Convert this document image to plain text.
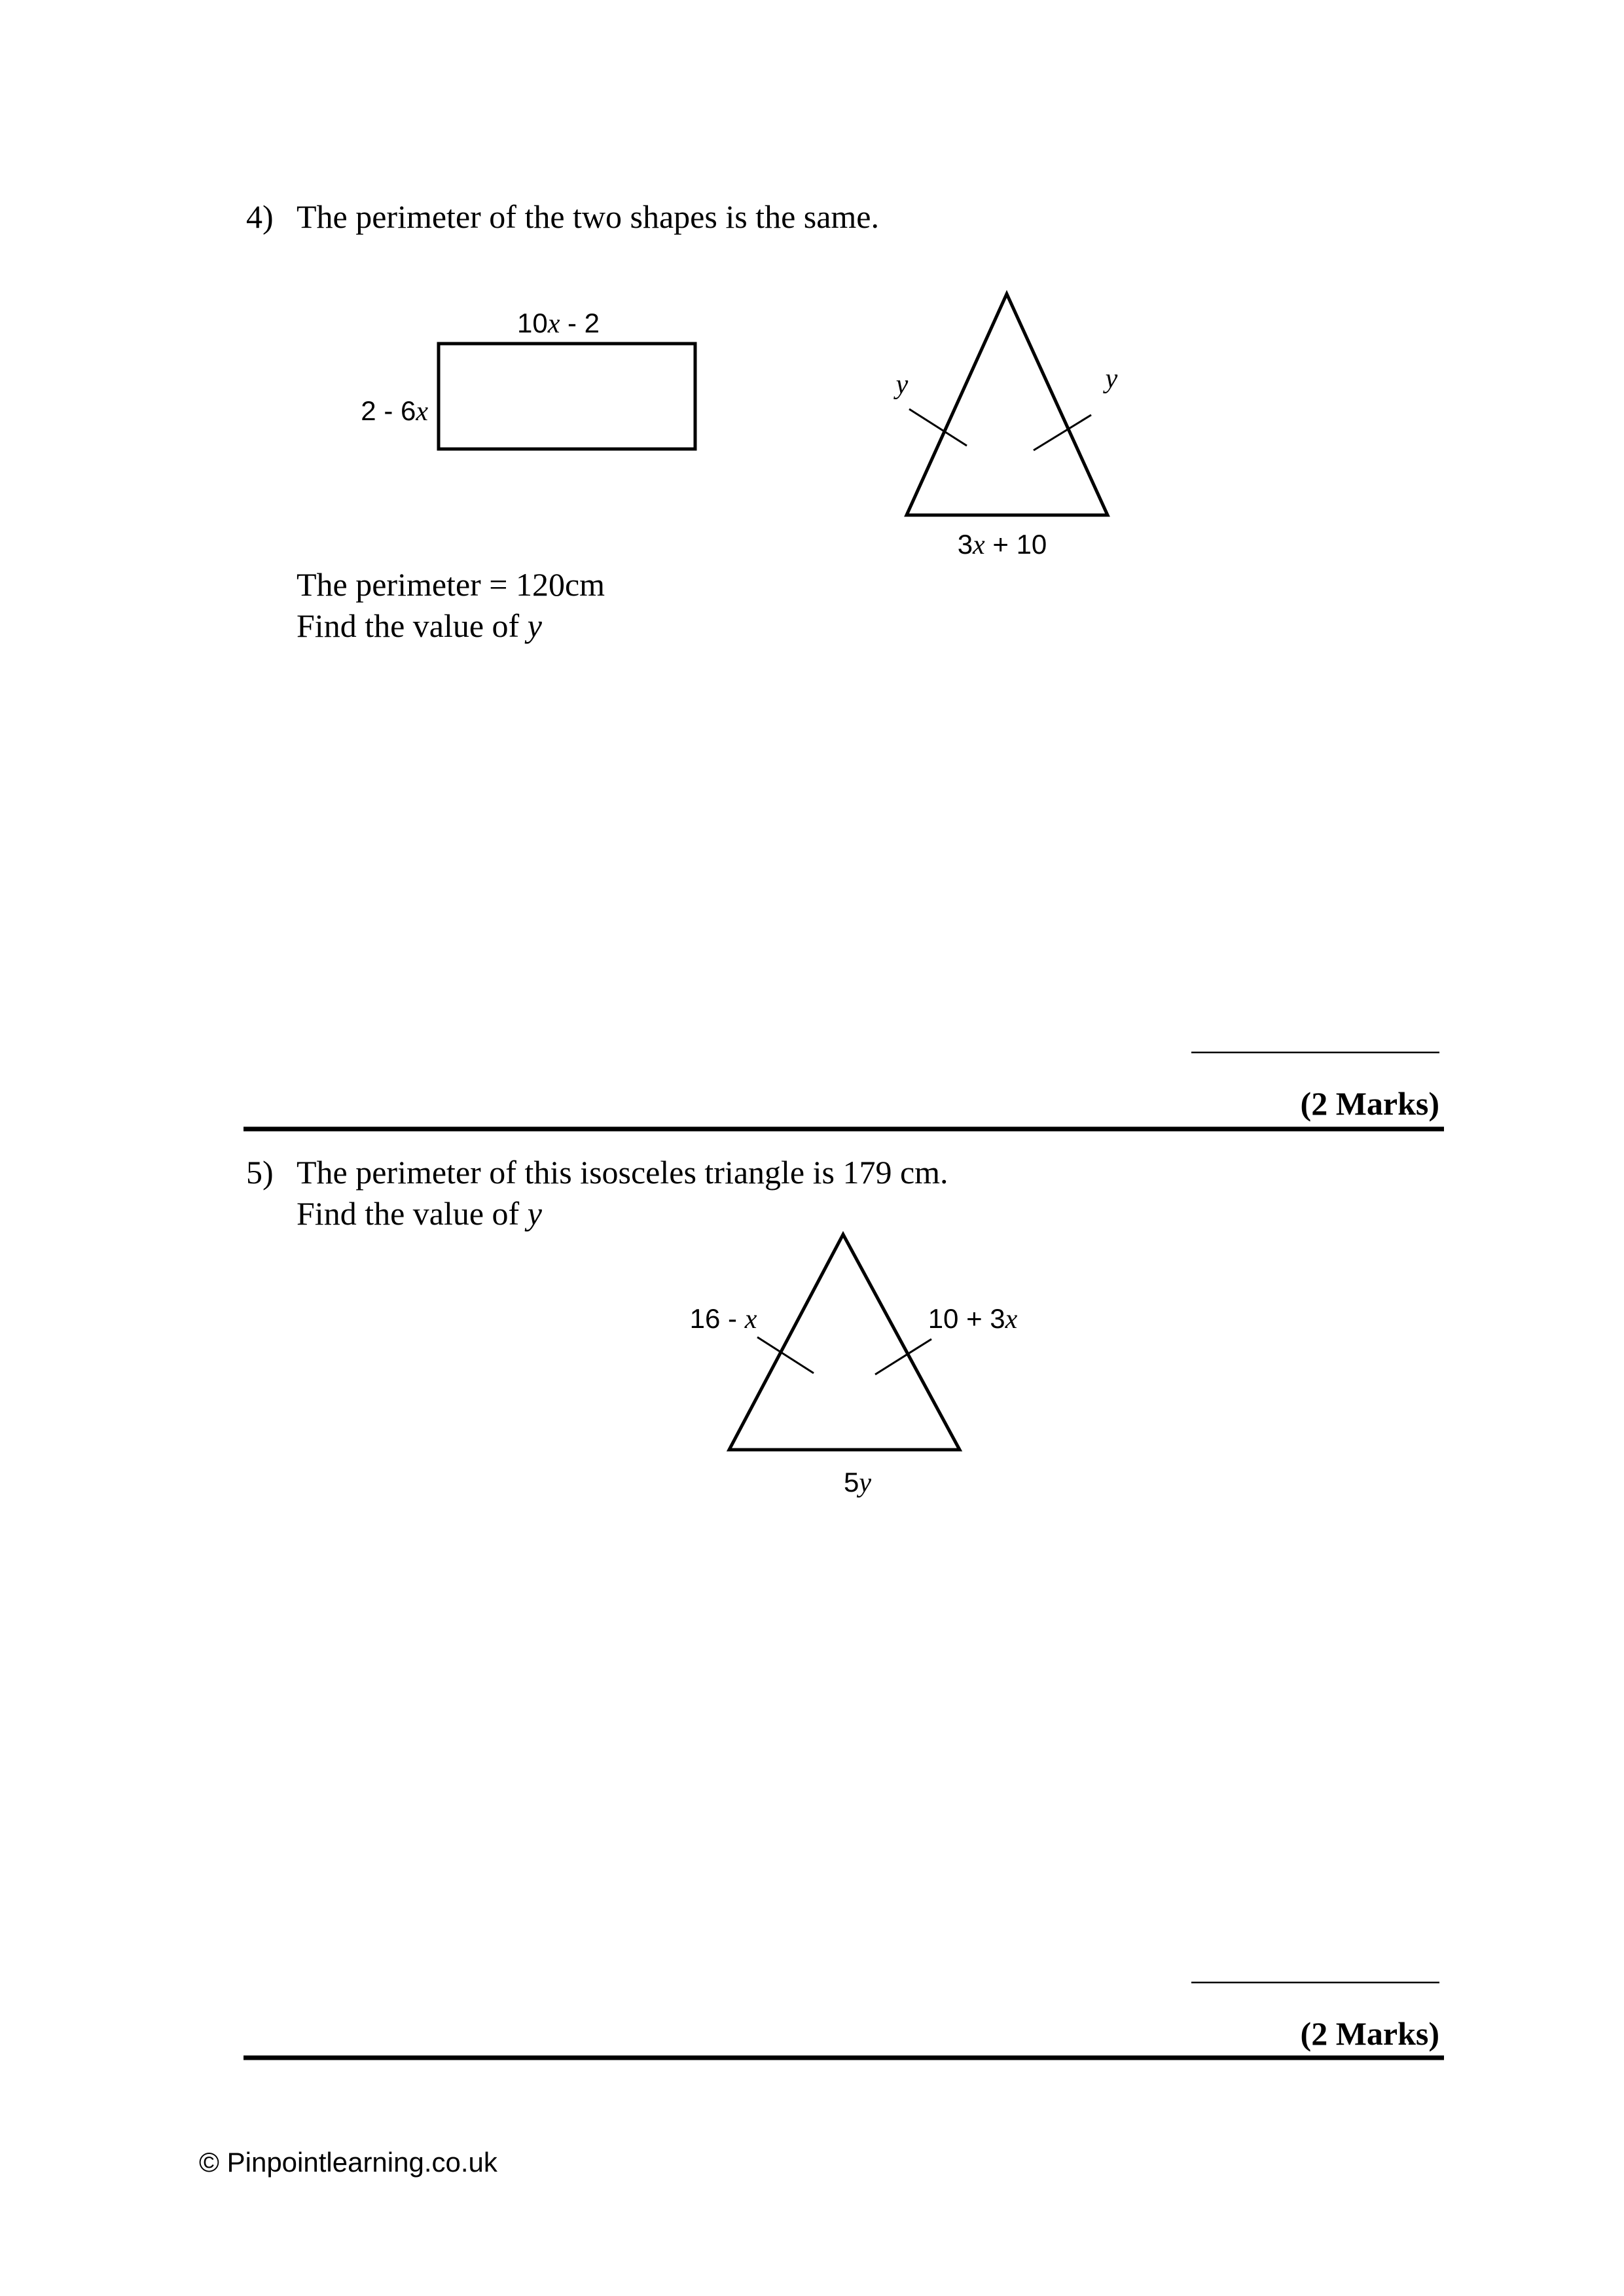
4) The perimeter of the two shapes is the same.
10x - 2
2 - 6x
y	y
3x + 10
The perimeter = 120cm
Find the value of y
(2 Marks)
5) The perimeter of this isosceles triangle is 179 cm.
Find the value of y
16 - x	10 + 3x
5y
(2 Marks)
© Pinpointlearning.co.uk
